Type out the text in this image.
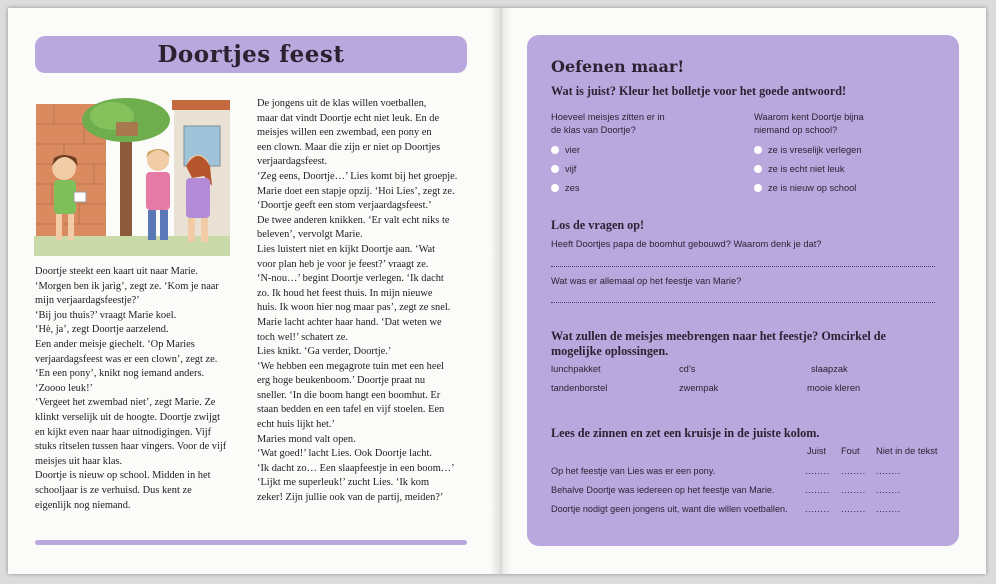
Doortjes feest

Doortje steekt een kaart uit naar Marie.

‘Morgen ben ik jarig’, zegt ze. ‘Kom je naar

mijn verjaardagsfeestje?’

‘Bij jou thuis?’ vraagt Marie koel.

‘Hè, ja’, zegt Doortje aarzelend.

Een ander meisje giechelt. ‘Op Maries

verjaardagsfeest was er een clown’, zegt ze.

‘En een pony’, knikt nog iemand anders.

‘Zoooo leuk!’

‘Vergeet het zwembad niet’, zegt Marie. Ze

klinkt verselijk uit de hoogte. Doortje zwijgt

en kijkt even naar haar uitnodigingen. Vijf

stuks ritselen tussen haar vingers. Voor de vijf

meisjes uit haar klas.

Doortje is nieuw op school. Midden in het

schooljaar is ze verhuisd. Dus kent ze

eigenlijk nog niemand.

De jongens uit de klas willen voetballen,

maar dat vindt Doortje echt niet leuk. En de

meisjes willen een zwembad, een pony en

een clown. Maar die zijn er niet op Doortjes

verjaardagsfeest.

‘Zeg eens, Doortje…’ Lies komt bij het groepje.

Marie doet een stapje opzij. ‘Hoi Lies’, zegt ze.

‘Doortje geeft een stom verjaardagsfeest.’

De twee anderen knikken. ‘Er valt echt niks te

beleven’, vervolgt Marie.

Lies luistert niet en kijkt Doortje aan. ‘Wat

voor plan heb je voor je feest?’ vraagt ze.

‘N-nou…’ begint Doortje verlegen. ‘Ik dacht

zo. Ik houd het feest thuis. In mijn nieuwe

huis. Ik woon hier nog maar pas’, zegt ze snel.

Marie lacht achter haar hand. ‘Dat weten we

toch wel!’ schatert ze.

Lies knikt. ‘Ga verder, Doortje.’

‘We hebben een megagrote tuin met een heel

erg hoge beukenboom.’ Doortje praat nu

sneller. ‘In die boom hangt een boomhut. Er

staan bedden en een tafel en vijf stoelen. Een

echt huis lijkt het.’

Maries mond valt open.

‘Wat goed!’ lacht Lies. Ook Doortje lacht.

‘Ik dacht zo… Een slaapfeestje in een boom…’

‘Lijkt me superleuk!’ zucht Lies. ‘Ik kom

zeker! Zijn jullie ook van de partij, meiden?’

Oefenen maar!
Wat is juist? Kleur het bolletje voor het goede antwoord!
Hoeveel meisjes zitten er in
de klas van Doortje?
vier
vijf
zes
Waarom kent Doortje bijna
niemand op school?
ze is vreselijk verlegen
ze is echt niet leuk
ze is nieuw op school
Los de vragen op!
Heeft Doortjes papa de boomhut gebouwd? Waarom denk je dat?
Wat was er allemaal op het feestje van Marie?
Wat zullen de meisjes meebrengen naar het feestje? Omcirkel de
mogelijke oplossingen.
lunchpakket	cd’s	slaapzak
tandenborstel	zwempak	mooie kleren
Lees de zinnen en zet een kruisje in de juiste kolom.
Juist Fout Niet in de tekst
Op het feestje van Lies was er een pony.	........ ........ ........
Behalve Doortje was iedereen op het feestje van Marie.	........ ........ ........
Doortje nodigt geen jongens uit, want die willen voetballen. ........ ........ ........
